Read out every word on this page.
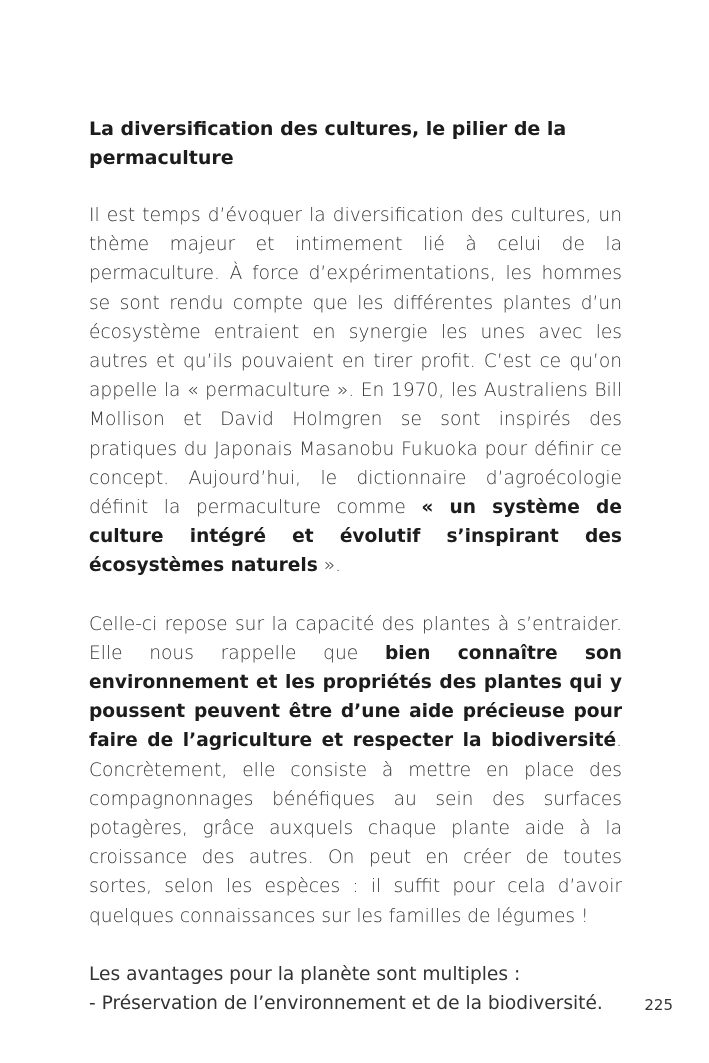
La diversification des cultures, le pilier de la permaculture

Il est temps d’évoquer la diversification des cultures, un thème majeur et intimement lié à celui de la permaculture. À force d’expérimentations, les hommes se sont rendu compte que les différentes plantes d’un écosystème entraient en synergie les unes avec les autres et qu’ils pouvaient en tirer profit. C’est ce qu’on appelle la « permaculture ». En 1970, les Australiens Bill Mollison et David Holmgren se sont inspirés des pratiques du Japonais Masanobu Fukuoka pour définir ce concept. Aujourd’hui, le dictionnaire d’agroécologie définit la permaculture comme « un système de culture intégré et évolutif s’inspirant des écosystèmes naturels ».

Celle-ci repose sur la capacité des plantes à s’entraider. Elle nous rappelle que bien connaître son environnement et les propriétés des plantes qui y poussent peuvent être d’une aide précieuse pour faire de l’agriculture et respecter la biodiversité. Concrètement, elle consiste à mettre en place des compagnonnages bénéfiques au sein des surfaces potagères, grâce auxquels chaque plante aide à la croissance des autres. On peut en créer de toutes sortes, selon les espèces : il suffit pour cela d’avoir quelques connaissances sur les familles de légumes !

Les avantages pour la planète sont multiples :

- Préservation de l’environnement et de la biodiversité.	225
